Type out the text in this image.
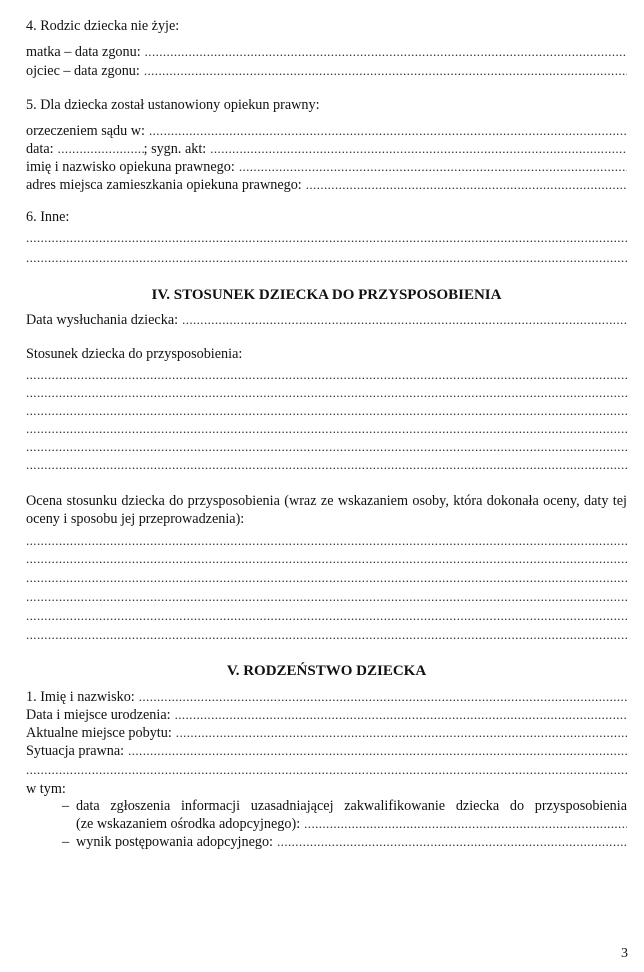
4. Rodzic dziecka nie żyje:
matka – data zgonu:
.....
ojciec – data zgonu:
.....
5. Dla dziecka został ustanowiony opiekun prawny:
orzeczeniem sądu w:
.....
data:
.....	; sygn. akt:
.....
imię i nazwisko opiekuna prawnego:
.....
adres miejsca zamieszkania opiekuna prawnego:
.....
6. Inne:
.....
.....
IV. STOSUNEK DZIECKA DO PRZYSPOSOBIENIA
Data wysłuchania dziecka:
.....
Stosunek dziecka do przysposobienia:
.....
.....
.....
.....
.....
.....
Ocena stosunku dziecka do przysposobienia (wraz ze wskazaniem osoby, która dokonała oceny, daty tej oceny i sposobu jej przeprowadzenia):
.....
.....
.....
.....
.....
.....
V. RODZEŃSTWO DZIECKA
1. Imię i nazwisko:
.....
Data i miejsce urodzenia:
.....
Aktualne miejsce pobytu:
.....
Sytuacja prawna:
.....
.....
w tym:
– data zgłoszenia informacji uzasadniającej zakwalifikowanie dziecka do przysposobienia
(ze wskazaniem ośrodka adopcyjnego):
.....
– wynik postępowania adopcyjnego:
.....
3
